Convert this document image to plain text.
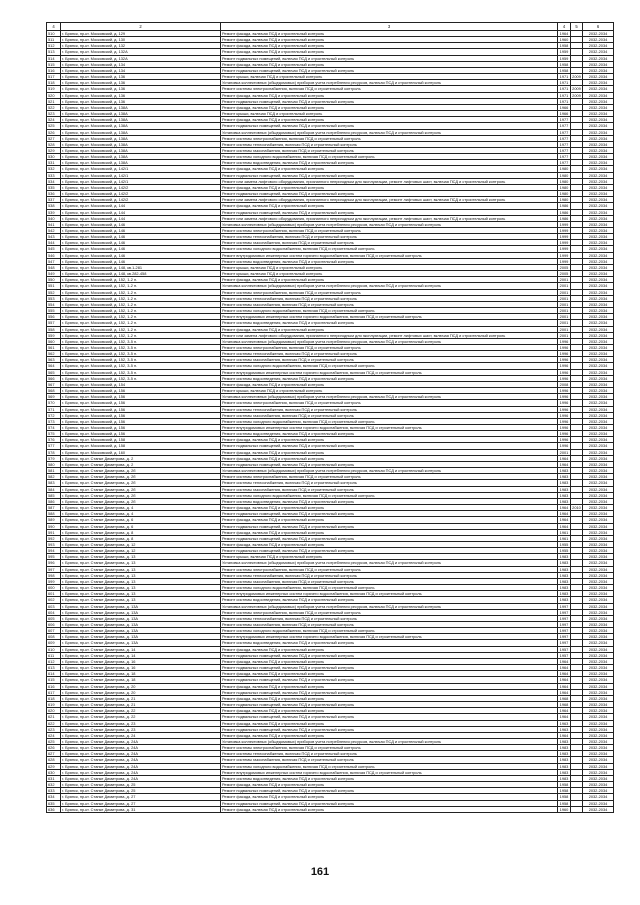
4	2	3	4	5	6
510	г. Брянск, пр-кт. Московский, д. 129	Ремонт фасада, включая ПСД и строительный контроль	1964		2032-2034
511	г. Брянск, пр-кт. Московский, д. 130	Ремонт фасада, включая ПСД и строительный контроль	1960		2032-2034
512	г. Брянск, пр-кт. Московский, д. 132	Ремонт фасада, включая ПСД и строительный контроль	1958		2032-2034
513	г. Брянск, пр-кт. Московский, д. 132А	Ремонт фасада, включая ПСД и строительный контроль	1959		2032-2034
514	г. Брянск, пр-кт. Московский, д. 132А	Ремонт подвальных помещений, включая ПСД и строительный контроль	1959		2032-2034
515	г. Брянск, пр-кт. Московский, д. 134	Ремонт фасада, включая ПСД и строительный контроль	1958		2032-2034
516	г. Брянск, пр-кт. Московский, д. 134	Ремонт подвальных помещений, включая ПСД и строительный контроль	1958		2032-2034
517	г. Брянск, пр-кт. Московский, д. 136	Ремонт крыши, включая ПСД и строительный контроль	1971	2009	2032-2034
518	г. Брянск, пр-кт. Московский, д. 136	Установка коллективных (общедомовых) приборов учета потребления ресурсов, включая ПСД и строительный контроль	1971		2032-2034
519	г. Брянск, пр-кт. Московский, д. 136	Ремонт системы электроснабжения, включая ПСД и строительный контроль	1971	2009	2032-2034
520	г. Брянск, пр-кт. Московский, д. 136	Ремонт фасада, включая ПСД и строительный контроль	1971	2009	2032-2034
521	г. Брянск, пр-кт. Московский, д. 136	Ремонт подвальных помещений, включая ПСД и строительный контроль	1971		2032-2034
522	г. Брянск, пр-кт. Московский, д. 138А	Ремонт фасада, включая ПСД и строительный контроль	1966		2032-2034
523	г. Брянск, пр-кт. Московский, д. 138А	Ремонт крыши, включая ПСД и строительный контроль	1966		2032-2034
524	г. Брянск, пр-кт. Московский, д. 138А	Ремонт фасада, включая ПСД и строительный контроль	1977		2032-2034
525	г. Брянск, пр-кт. Московский, д. 138А	Ремонт подвальных помещений, включая ПСД и строительный контроль	1977		2032-2034
526	г. Брянск, пр-кт. Московский, д. 138А	Установка коллективных (общедомовых) приборов учета потребления ресурсов, включая ПСД и строительный контроль	1977		2032-2034
527	г. Брянск, пр-кт. Московский, д. 138А	Ремонт системы электроснабжения, включая ПСД и строительный контроль	1977		2032-2034
528	г. Брянск, пр-кт. Московский, д. 138А	Ремонт системы теплоснабжения, включая ПСД и строительный контроль	1977		2032-2034
529	г. Брянск, пр-кт. Московский, д. 138А	Ремонт системы газоснабжения, включая ПСД и строительный контроль	1977		2032-2034
530	г. Брянск, пр-кт. Московский, д. 138А	Ремонт системы холодного водоснабжения, включая ПСД и строительный контроль	1977		2032-2034
531	г. Брянск, пр-кт. Московский, д. 138А	Ремонт системы водоотведения, включая ПСД и строительный контроль	1977		2032-2034
532	г. Брянск, пр-кт. Московский, д. 142/1	Ремонт фасада, включая ПСД и строительный контроль	1980		2032-2034
533	г. Брянск, пр-кт. Московский, д. 142/1	Ремонт подвальных помещений, включая ПСД и строительный контроль	1980		2032-2034
534	г. Брянск, пр-кт. Московский, д. 142/1	Ремонт или замена лифтового оборудования, признанного непригодным для эксплуатации, ремонт лифтовых шахт, включая ПСД и строительный контроль	1980		2032-2034
535	г. Брянск, пр-кт. Московский, д. 142/2	Ремонт фасада, включая ПСД и строительный контроль	1980		2032-2034
536	г. Брянск, пр-кт. Московский, д. 142/2	Ремонт подвальных помещений, включая ПСД и строительный контроль	1980		2032-2034
537	г. Брянск, пр-кт. Московский, д. 142/2	Ремонт или замена лифтового оборудования, признанного непригодным для эксплуатации, ремонт лифтовых шахт, включая ПСД и строительный контроль	1980		2032-2034
538	г. Брянск, пр-кт. Московский, д. 144	Ремонт фасада, включая ПСД и строительный контроль	1986		2032-2034
539	г. Брянск, пр-кт. Московский, д. 144	Ремонт подвальных помещений, включая ПСД и строительный контроль	1986		2032-2034
540	г. Брянск, пр-кт. Московский, д. 144	Ремонт или замена лифтового оборудования, признанного непригодным для эксплуатации, ремонт лифтовых шахт, включая ПСД и строительный контроль	1986		2032-2034
541	г. Брянск, пр-кт. Московский, д. 146	Установка коллективных (общедомовых) приборов учета потребления ресурсов, включая ПСД и строительный контроль	1999		2032-2034
542	г. Брянск, пр-кт. Московский, д. 146	Ремонт системы электроснабжения, включая ПСД и строительный контроль	1999		2032-2034
543	г. Брянск, пр-кт. Московский, д. 146	Ремонт системы теплоснабжения, включая ПСД и строительный контроль	1999		2032-2034
544	г. Брянск, пр-кт. Московский, д. 146	Ремонт системы газоснабжения, включая ПСД и строительный контроль	1999		2032-2034
545	г. Брянск, пр-кт. Московский, д. 146	Ремонт системы холодного водоснабжения, включая ПСД и строительный контроль	1999		2032-2034
546	г. Брянск, пр-кт. Московский, д. 146	Ремонт внутридомовых инженерных систем горячего водоснабжения, включая ПСД и строительный контроль	1999		2032-2034
547	г. Брянск, пр-кт. Московский, д. 146	Ремонт системы водоотведения, включая ПСД и строительный контроль	1999		2032-2034
548	г. Брянск, пр-кт. Московский, д. 148, кв.1-281	Ремонт крыши, включая ПСД и строительный контроль	2005		2032-2034
549	г. Брянск, пр-кт. Московский, д. 148, кв.282-458	Ремонт крыши, включая ПСД и строительный контроль	2005		2032-2034
550	г. Брянск, пр-кт. Московский, д. 152, 1-2 п.	Ремонт фасада, включая ПСД и строительный контроль	2001		2032-2034
551	г. Брянск, пр-кт. Московский, д. 152, 1-2 п.	Установка коллективных (общедомовых) приборов учета потребления ресурсов, включая ПСД и строительный контроль	2001		2032-2034
552	г. Брянск, пр-кт. Московский, д. 152, 1-2 п.	Ремонт системы электроснабжения, включая ПСД и строительный контроль	2001		2032-2034
553	г. Брянск, пр-кт. Московский, д. 152, 1-2 п.	Ремонт системы теплоснабжения, включая ПСД и строительный контроль	2001		2032-2034
554	г. Брянск, пр-кт. Московский, д. 152, 1-2 п.	Ремонт системы газоснабжения, включая ПСД и строительный контроль	2001		2032-2034
555	г. Брянск, пр-кт. Московский, д. 152, 1-2 п.	Ремонт системы холодного водоснабжения, включая ПСД и строительный контроль	2001		2032-2034
556	г. Брянск, пр-кт. Московский, д. 152, 1-2 п.	Ремонт внутридомовых инженерных систем горячего водоснабжения, включая ПСД и строительный контроль	2001		2032-2034
557	г. Брянск, пр-кт. Московский, д. 152, 1-2 п.	Ремонт системы водоотведения, включая ПСД и строительный контроль	2001		2032-2034
558	г. Брянск, пр-кт. Московский, д. 152, 1-2 п.	Ремонт фасада, включая ПСД и строительный контроль	2001		2032-2034
559	г. Брянск, пр-кт. Московский, д. 152, 1-2 п.	Ремонт или замена лифтового оборудования, признанного непригодным для эксплуатации, ремонт лифтовых шахт, включая ПСД и строительный контроль	2001		2032-2034
560	г. Брянск, пр-кт. Московский, д. 152, 3-5 п.	Установка коллективных (общедомовых) приборов учета потребления ресурсов, включая ПСД и строительный контроль	1996		2032-2034
561	г. Брянск, пр-кт. Московский, д. 152, 3-5 п.	Ремонт системы электроснабжения, включая ПСД и строительный контроль	1996		2032-2034
562	г. Брянск, пр-кт. Московский, д. 152, 3-5 п.	Ремонт системы теплоснабжения, включая ПСД и строительный контроль	1996		2032-2034
563	г. Брянск, пр-кт. Московский, д. 152, 3-5 п.	Ремонт системы газоснабжения, включая ПСД и строительный контроль	1996		2032-2034
564	г. Брянск, пр-кт. Московский, д. 152, 3-5 п.	Ремонт системы холодного водоснабжения, включая ПСД и строительный контроль	1996		2032-2034
565	г. Брянск, пр-кт. Московский, д. 152, 3-5 п.	Ремонт внутридомовых инженерных систем горячего водоснабжения, включая ПСД и строительный контроль	1996		2032-2034
566	г. Брянск, пр-кт. Московский, д. 152, 3-5 п.	Ремонт системы водоотведения, включая ПСД и строительный контроль	1996		2032-2034
567	г. Брянск, пр-кт. Московский, д. 154	Ремонт фасада, включая ПСД и строительный контроль	2008		2032-2034
568	г. Брянск, пр-кт. Московский, д. 156	Ремонт крыши, включая ПСД и строительный контроль	1996		2032-2034
569	г. Брянск, пр-кт. Московский, д. 156	Установка коллективных (общедомовых) приборов учета потребления ресурсов, включая ПСД и строительный контроль	1996		2032-2034
570	г. Брянск, пр-кт. Московский, д. 156	Ремонт системы электроснабжения, включая ПСД и строительный контроль	1996		2032-2034
571	г. Брянск, пр-кт. Московский, д. 156	Ремонт системы теплоснабжения, включая ПСД и строительный контроль	1996		2032-2034
572	г. Брянск, пр-кт. Московский, д. 156	Ремонт системы газоснабжения, включая ПСД и строительный контроль	1996		2032-2034
573	г. Брянск, пр-кт. Московский, д. 156	Ремонт системы холодного водоснабжения, включая ПСД и строительный контроль	1996		2032-2034
574	г. Брянск, пр-кт. Московский, д. 156	Ремонт внутридомовых инженерных систем горячего водоснабжения, включая ПСД и строительный контроль	1996		2032-2034
575	г. Брянск, пр-кт. Московский, д. 156	Ремонт системы водоотведения, включая ПСД и строительный контроль	1996		2032-2034
576	г. Брянск, пр-кт. Московский, д. 158	Ремонт фасада, включая ПСД и строительный контроль	1996		2032-2034
577	г. Брянск, пр-кт. Московский, д. 158	Ремонт подвальных помещений, включая ПСД и строительный контроль	1996		2032-2034
578	г. Брянск, пр-кт. Московский, д. 160	Ремонт фасада, включая ПСД и строительный контроль	2001		2032-2034
579	г. Брянск, пр-кт. Станке Димитрова, д. 2	Ремонт фасада, включая ПСД и строительный контроль	1964		2032-2034
580	г. Брянск, пр-кт. Станке Димитрова, д. 2	Ремонт подвальных помещений, включая ПСД и строительный контроль	1964		2032-2034
581	г. Брянск, пр-кт. Станке Димитрова, д. 2б	Установка коллективных (общедомовых) приборов учета потребления ресурсов, включая ПСД и строительный контроль	1983		2032-2034
582	г. Брянск, пр-кт. Станке Димитрова, д. 2б	Ремонт системы электроснабжения, включая ПСД и строительный контроль	1983		2032-2034
583	г. Брянск, пр-кт. Станке Димитрова, д. 2б	Ремонт системы теплоснабжения, включая ПСД и строительный контроль	1983		2032-2034
584	г. Брянск, пр-кт. Станке Димитрова, д. 2б	Ремонт системы газоснабжения, включая ПСД и строительный контроль	1983		2032-2034
585	г. Брянск, пр-кт. Станке Димитрова, д. 2б	Ремонт системы холодного водоснабжения, включая ПСД и строительный контроль	1983		2032-2034
586	г. Брянск, пр-кт. Станке Димитрова, д. 2б	Ремонт системы водоотведения, включая ПСД и строительный контроль	1983		2032-2034
587	г. Брянск, пр-кт. Станке Димитрова, д. 4	Ремонт фасада, включая ПСД и строительный контроль	1964	2010	2032-2034
588	г. Брянск, пр-кт. Станке Димитрова, д. 4	Ремонт подвальных помещений, включая ПСД и строительный контроль	1964		2032-2034
589	г. Брянск, пр-кт. Станке Димитрова, д. 6	Ремонт фасада, включая ПСД и строительный контроль	1964		2032-2034
590	г. Брянск, пр-кт. Станке Димитрова, д. 6	Ремонт подвальных помещений, включая ПСД и строительный контроль	1964		2032-2034
591	г. Брянск, пр-кт. Станке Димитрова, д. 8	Ремонт фасада, включая ПСД и строительный контроль	1961		2032-2034
592	г. Брянск, пр-кт. Станке Димитрова, д. 8	Ремонт подвальных помещений, включая ПСД и строительный контроль	1961		2032-2034
593	г. Брянск, пр-кт. Станке Димитрова, д. 12	Ремонт фасада, включая ПСД и строительный контроль	1955		2032-2034
594	г. Брянск, пр-кт. Станке Димитрова, д. 12	Ремонт подвальных помещений, включая ПСД и строительный контроль	1955		2032-2034
595	г. Брянск, пр-кт. Станке Димитрова, д. 13	Ремонт крыши, включая ПСД и строительный контроль	1983		2032-2034
596	г. Брянск, пр-кт. Станке Димитрова, д. 13	Установка коллективных (общедомовых) приборов учета потребления ресурсов, включая ПСД и строительный контроль	1983		2032-2034
597	г. Брянск, пр-кт. Станке Димитрова, д. 13	Ремонт системы электроснабжения, включая ПСД и строительный контроль	1983		2032-2034
598	г. Брянск, пр-кт. Станке Димитрова, д. 13	Ремонт системы теплоснабжения, включая ПСД и строительный контроль	1983		2032-2034
599	г. Брянск, пр-кт. Станке Димитрова, д. 13	Ремонт системы газоснабжения, включая ПСД и строительный контроль	1983		2032-2034
600	г. Брянск, пр-кт. Станке Димитрова, д. 13	Ремонт системы холодного водоснабжения, включая ПСД и строительный контроль	1983		2032-2034
601	г. Брянск, пр-кт. Станке Димитрова, д. 13	Ремонт внутридомовых инженерных систем горячего водоснабжения, включая ПСД и строительный контроль	1983		2032-2034
602	г. Брянск, пр-кт. Станке Димитрова, д. 13	Ремонт системы водоотведения, включая ПСД и строительный контроль	1983		2032-2034
603	г. Брянск, пр-кт. Станке Димитрова, д. 13А	Установка коллективных (общедомовых) приборов учета потребления ресурсов, включая ПСД и строительный контроль	1997		2032-2034
604	г. Брянск, пр-кт. Станке Димитрова, д. 13А	Ремонт системы электроснабжения, включая ПСД и строительный контроль	1997		2032-2034
605	г. Брянск, пр-кт. Станке Димитрова, д. 13А	Ремонт системы теплоснабжения, включая ПСД и строительный контроль	1997		2032-2034
606	г. Брянск, пр-кт. Станке Димитрова, д. 13А	Ремонт системы газоснабжения, включая ПСД и строительный контроль	1997		2032-2034
607	г. Брянск, пр-кт. Станке Димитрова, д. 13А	Ремонт системы холодного водоснабжения, включая ПСД и строительный контроль	1997		2032-2034
608	г. Брянск, пр-кт. Станке Димитрова, д. 13А	Ремонт внутридомовых инженерных систем горячего водоснабжения, включая ПСД и строительный контроль	1997		2032-2034
609	г. Брянск, пр-кт. Станке Димитрова, д. 13А	Ремонт системы водоотведения, включая ПСД и строительный контроль	1997		2032-2034
610	г. Брянск, пр-кт. Станке Димитрова, д. 14	Ремонт фасада, включая ПСД и строительный контроль	1957		2032-2034
611	г. Брянск, пр-кт. Станке Димитрова, д. 14	Ремонт подвальных помещений, включая ПСД и строительный контроль	1957		2032-2034
612	г. Брянск, пр-кт. Станке Димитрова, д. 16	Ремонт фасада, включая ПСД и строительный контроль	1964		2032-2034
613	г. Брянск, пр-кт. Станке Димитрова, д. 16	Ремонт подвальных помещений, включая ПСД и строительный контроль	1964		2032-2034
614	г. Брянск, пр-кт. Станке Димитрова, д. 18	Ремонт фасада, включая ПСД и строительный контроль	1964		2032-2034
615	г. Брянск, пр-кт. Станке Димитрова, д. 18	Ремонт подвальных помещений, включая ПСД и строительный контроль	1964		2032-2034
616	г. Брянск, пр-кт. Станке Димитрова, д. 20	Ремонт фасада, включая ПСД и строительный контроль	1964		2032-2034
617	г. Брянск, пр-кт. Станке Димитрова, д. 20	Ремонт подвальных помещений, включая ПСД и строительный контроль	1964		2032-2034
618	г. Брянск, пр-кт. Станке Димитрова, д. 21	Ремонт фасада, включая ПСД и строительный контроль	1968		2032-2034
619	г. Брянск, пр-кт. Станке Димитрова, д. 21	Ремонт подвальных помещений, включая ПСД и строительный контроль	1968		2032-2034
620	г. Брянск, пр-кт. Станке Димитрова, д. 22	Ремонт фасада, включая ПСД и строительный контроль	1964		2032-2034
621	г. Брянск, пр-кт. Станке Димитрова, д. 22	Ремонт подвальных помещений, включая ПСД и строительный контроль	1964		2032-2034
622	г. Брянск, пр-кт. Станке Димитрова, д. 23	Ремонт фасада, включая ПСД и строительный контроль	1963		2032-2034
623	г. Брянск, пр-кт. Станке Димитрова, д. 23	Ремонт подвальных помещений, включая ПСД и строительный контроль	1963		2032-2034
624	г. Брянск, пр-кт. Станке Димитрова, д. 24	Ремонт фасада, включая ПСД и строительный контроль	1964		2032-2034
625	г. Брянск, пр-кт. Станке Димитрова, д. 24А	Установка коллективных (общедомовых) приборов учета потребления ресурсов, включая ПСД и строительный контроль	1983		2032-2034
626	г. Брянск, пр-кт. Станке Димитрова, д. 24А	Ремонт системы электроснабжения, включая ПСД и строительный контроль	1983		2032-2034
627	г. Брянск, пр-кт. Станке Димитрова, д. 24А	Ремонт системы теплоснабжения, включая ПСД и строительный контроль	1983		2032-2034
628	г. Брянск, пр-кт. Станке Димитрова, д. 24А	Ремонт системы газоснабжения, включая ПСД и строительный контроль	1983		2032-2034
629	г. Брянск, пр-кт. Станке Димитрова, д. 24А	Ремонт системы холодного водоснабжения, включая ПСД и строительный контроль	1983		2032-2034
630	г. Брянск, пр-кт. Станке Димитрова, д. 24А	Ремонт внутридомовых инженерных систем горячего водоснабжения, включая ПСД и строительный контроль	1983		2032-2034
631	г. Брянск, пр-кт. Станке Димитрова, д. 24А	Ремонт системы водоотведения, включая ПСД и строительный контроль	1983		2032-2034
632	г. Брянск, пр-кт. Станке Димитрова, д. 25	Ремонт фасада, включая ПСД и строительный контроль	1958		2032-2034
633	г. Брянск, пр-кт. Станке Димитрова, д. 25	Ремонт подвальных помещений, включая ПСД и строительный контроль	1958		2032-2034
634	г. Брянск, пр-кт. Станке Димитрова, д. 27	Ремонт фасада, включая ПСД и строительный контроль	1958		2032-2034
635	г. Брянск, пр-кт. Станке Димитрова, д. 27	Ремонт подвальных помещений, включая ПСД и строительный контроль	1958		2032-2034
636	г. Брянск, пр-кт. Станке Димитрова, д. 31	Ремонт фасада, включая ПСД и строительный контроль	1960		2032-2034
161
